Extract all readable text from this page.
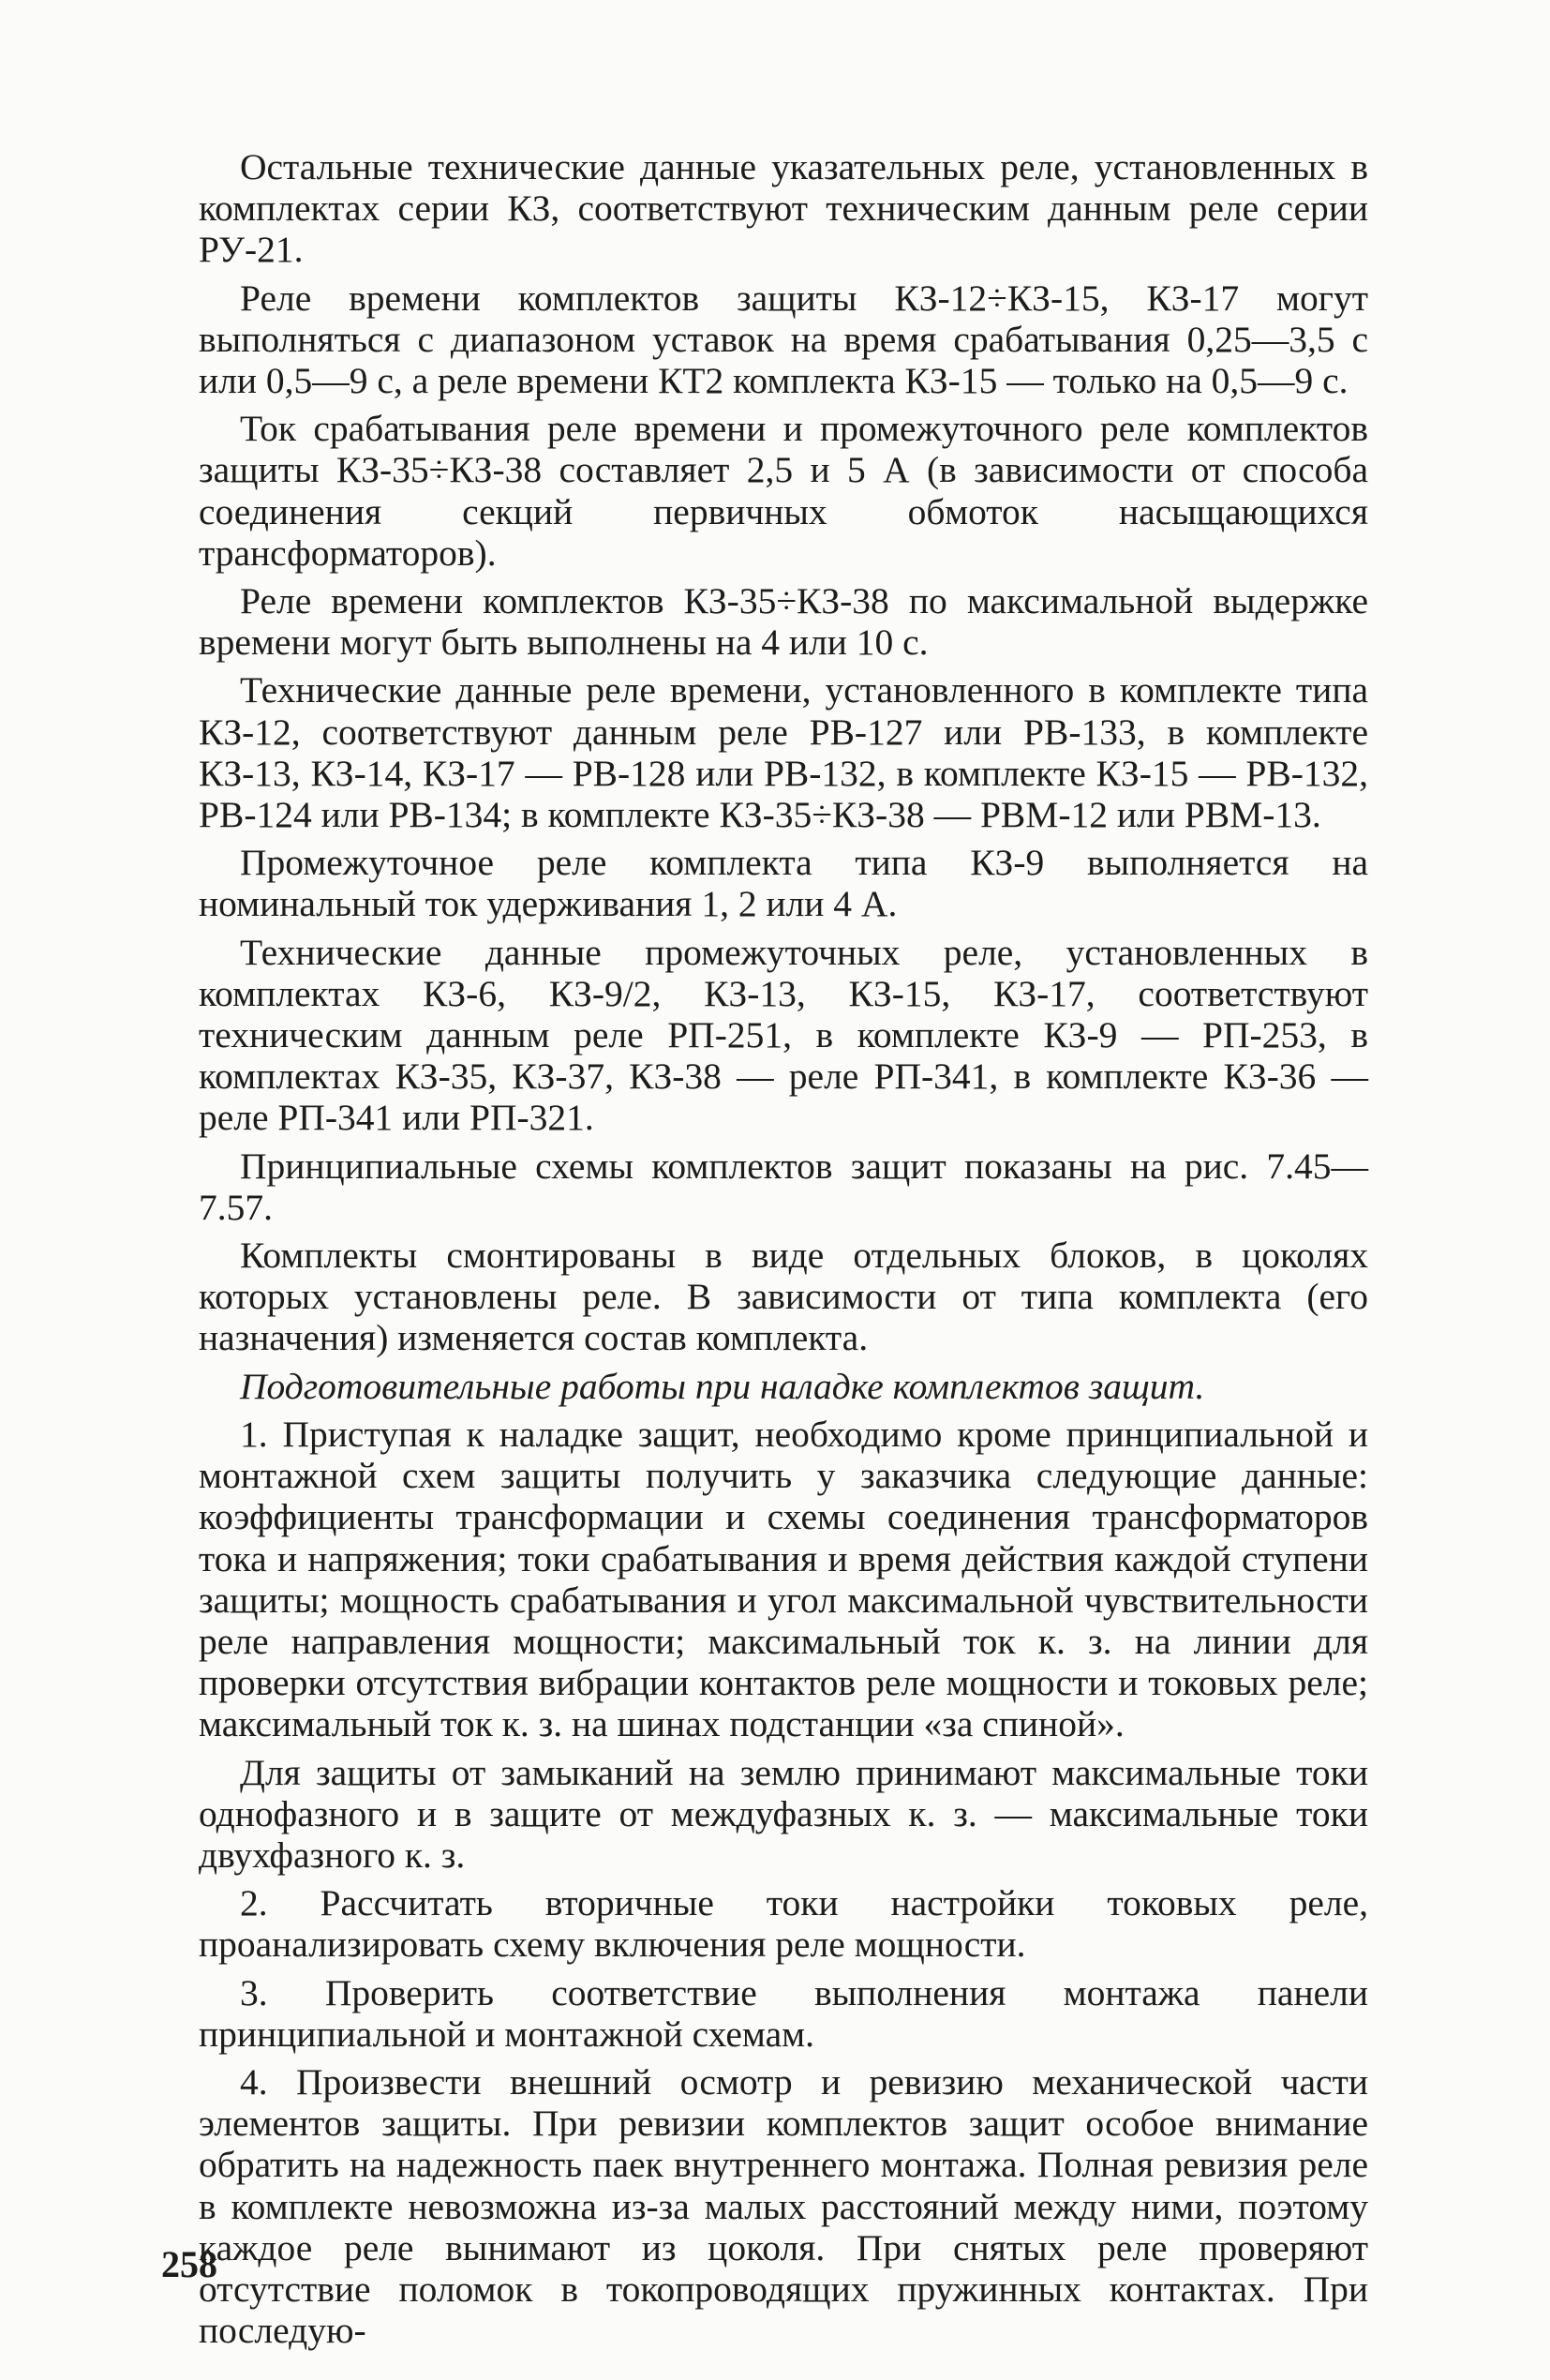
Остальные технические данные указательных реле, установленных в комплектах серии КЗ, соответствуют техническим данным реле серии РУ-21.

Реле времени комплектов защиты КЗ-12÷КЗ-15, КЗ-17 могут выполняться с диапазоном уставок на время срабатывания 0,25—3,5 с или 0,5—9 с, а реле времени КТ2 комплекта КЗ-15 — только на 0,5—9 с.

Ток срабатывания реле времени и промежуточного реле комплектов защиты КЗ-35÷КЗ-38 составляет 2,5 и 5 А (в зависимости от способа соединения секций первичных обмоток насыщающихся трансформаторов).

Реле времени комплектов КЗ-35÷КЗ-38 по максимальной выдержке времени могут быть выполнены на 4 или 10 с.

Технические данные реле времени, установленного в комплекте типа КЗ-12, соответствуют данным реле РВ-127 или РВ-133, в комплекте КЗ-13, КЗ-14, КЗ-17 — РВ-128 или РВ-132, в комплекте КЗ-15 — РВ-132, РВ-124 или РВ-134; в комплекте КЗ-35÷КЗ-38 — РВМ-12 или РВМ-13.

Промежуточное реле комплекта типа КЗ-9 выполняется на номинальный ток удерживания 1, 2 или 4 А.

Технические данные промежуточных реле, установленных в комплектах КЗ-6, КЗ-9/2, КЗ-13, КЗ-15, КЗ-17, соответствуют техническим данным реле РП-251, в комплекте КЗ-9 — РП-253, в комплектах КЗ-35, КЗ-37, КЗ-38 — реле РП-341, в комплекте КЗ-36 — реле РП-341 или РП-321.

Принципиальные схемы комплектов защит показаны на рис. 7.45—7.57.

Комплекты смонтированы в виде отдельных блоков, в цоколях которых установлены реле. В зависимости от типа комплекта (его назначения) изменяется состав комплекта.

Подготовительные работы при наладке комплектов защит.

1. Приступая к наладке защит, необходимо кроме принципиальной и монтажной схем защиты получить у заказчика следующие данные: коэффициенты трансформации и схемы соединения трансформаторов тока и напряжения; токи срабатывания и время действия каждой ступени защиты; мощность срабатывания и угол максимальной чувствительности реле направления мощности; максимальный ток к. з. на линии для проверки отсутствия вибрации контактов реле мощности и токовых реле; максимальный ток к. з. на шинах подстанции «за спиной».

Для защиты от замыканий на землю принимают максимальные токи однофазного и в защите от междуфазных к. з. — максимальные токи двухфазного к. з.

2. Рассчитать вторичные токи настройки токовых реле, проанализировать схему включения реле мощности.

3. Проверить соответствие выполнения монтажа панели принципиальной и монтажной схемам.

4. Произвести внешний осмотр и ревизию механической части элементов защиты. При ревизии комплектов защит особое внимание обратить на надежность паек внутреннего монтажа. Полная ревизия реле в комплекте невозможна из-за малых расстояний между ними, поэтому каждое реле вынимают из цоколя. При снятых реле проверяют отсутствие поломок в токопроводящих пружинных контактах. При последую-

258
